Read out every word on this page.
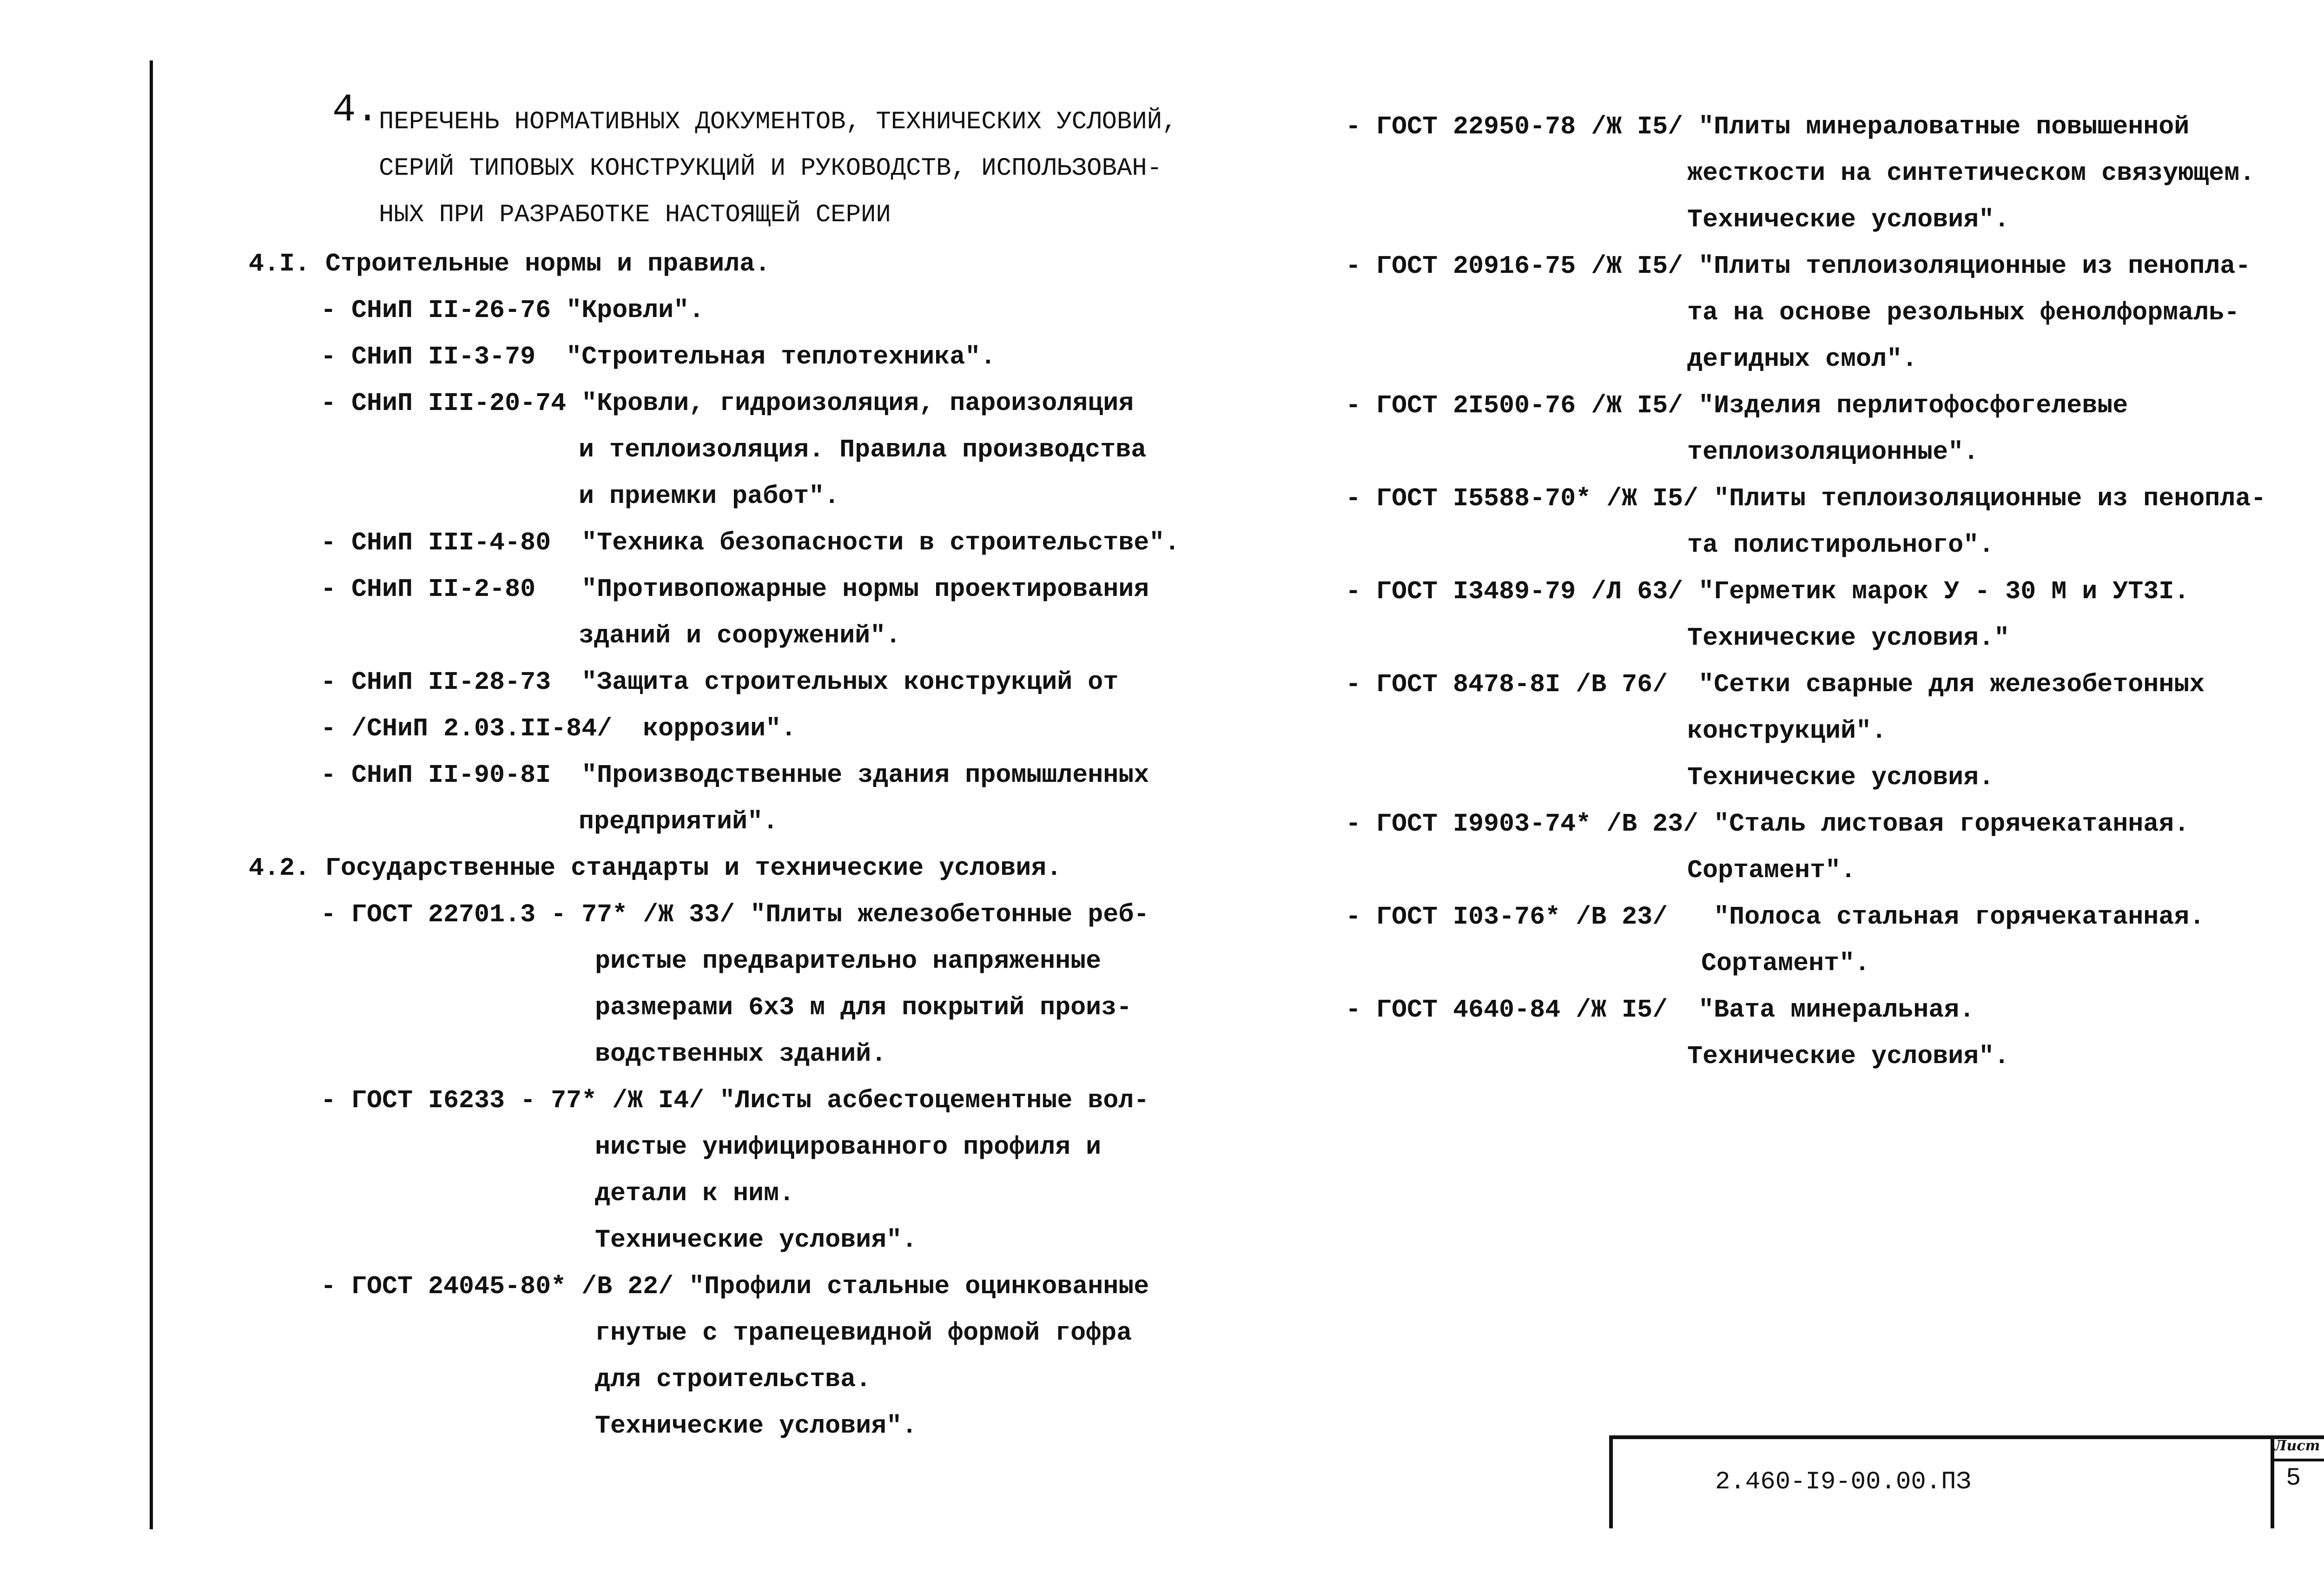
4. ПЕРЕЧЕНЬ НОРМАТИВНЫХ ДОКУМЕНТОВ, ТЕХНИЧЕСКИХ УСЛОВИЙ,
СЕРИЙ ТИПОВЫХ КОНСТРУКЦИЙ И РУКОВОДСТВ, ИСПОЛЬЗОВАН-
НЫХ ПРИ РАЗРАБОТКЕ НАСТОЯЩЕЙ СЕРИИ
4.I. Строительные нормы и правила.
- СНиП II-26-76 "Кровли".
- СНиП II-3-79  "Строительная теплотехника".
- СНиП III-20-74 "Кровли, гидроизоляция, пароизоляция
и теплоизоляция. Правила производства
и приемки работ".
- СНиП III-4-80  "Техника безопасности в строительстве".
- СНиП II-2-80   "Противопожарные нормы проектирования
зданий и сооружений".
- СНиП II-28-73  "Защита строительных конструкций от
- /СНиП 2.03.II-84/  коррозии".
- СНиП II-90-8I  "Производственные здания промышленных
предприятий".
4.2. Государственные стандарты и технические условия.
- ГОСТ 22701.3 - 77* /Ж 33/ "Плиты железобетонные реб-
ристые предварительно напряженные
размерами 6х3 м для покрытий произ-
водственных зданий.
- ГОСТ I6233 - 77* /Ж I4/ "Листы асбестоцементные вол-
нистые унифицированного профиля и
детали к ним.
Технические условия".
- ГОСТ 24045-80* /В 22/ "Профили стальные оцинкованные
гнутые с трапецевидной формой гофра
для строительства.
Технические условия".
- ГОСТ 22950-78 /Ж I5/ "Плиты минераловатные повышенной
жесткости на синтетическом связующем.
Технические условия".
- ГОСТ 20916-75 /Ж I5/ "Плиты теплоизоляционные из пенопла-
та на основе резольных фенолформаль-
дегидных смол".
- ГОСТ 2I500-76 /Ж I5/ "Изделия перлитофосфогелевые
теплоизоляционные".
- ГОСТ I5588-70* /Ж I5/ "Плиты теплоизоляционные из пенопла-
та полистирольного".
- ГОСТ I3489-79 /Л 63/ "Герметик марок У - 30 М и УТ3I.
Технические условия."
- ГОСТ 8478-8I /В 76/  "Сетки сварные для железобетонных
конструкций".
Технические условия.
- ГОСТ I9903-74* /В 23/ "Сталь листовая горячекатанная.
Сортамент".
- ГОСТ I03-76* /В 23/   "Полоса стальная горячекатанная.
Сортамент".
- ГОСТ 4640-84 /Ж I5/  "Вата минеральная.
Технические условия".
2.460-I9-00.00.ПЗ
Лист
5
